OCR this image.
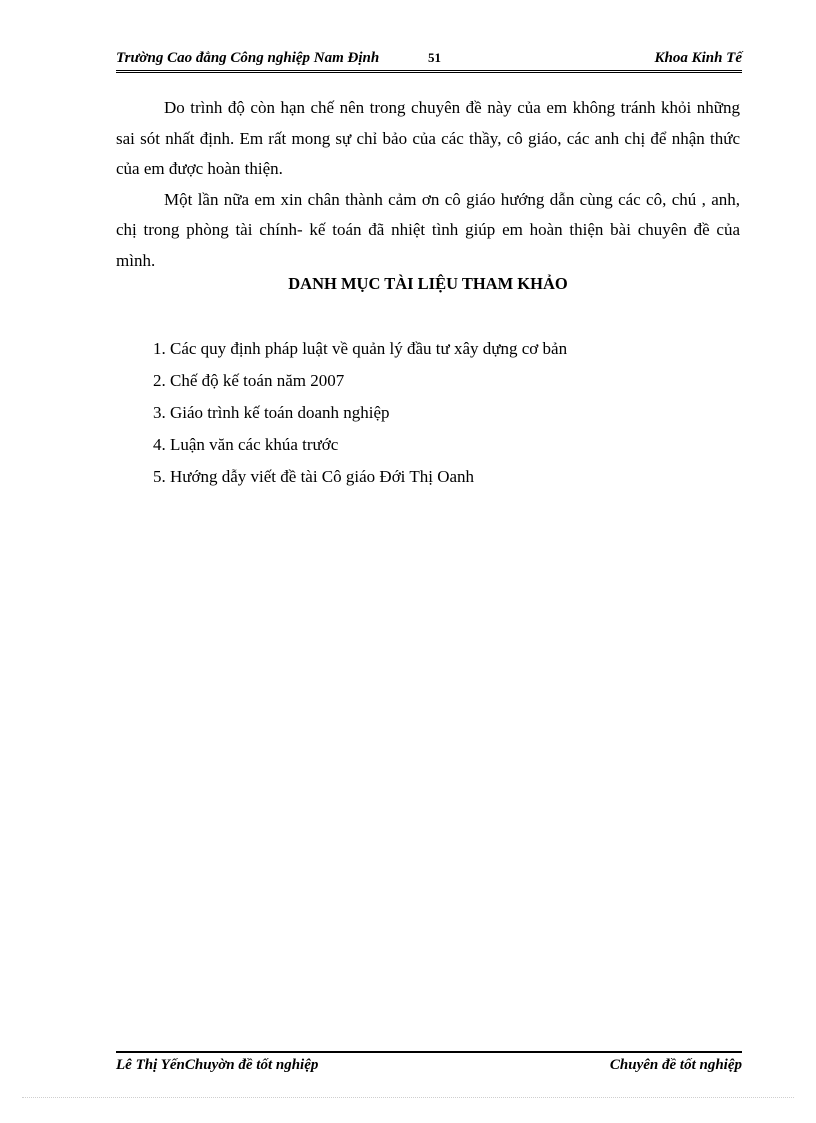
Trường Cao đẳng Công nghiệp Nam Định	51	Khoa Kinh Tế

Do trình độ còn hạn chế nên trong chuyên đề này của em không tránh khỏi những sai sót nhất định. Em rất mong sự chỉ bảo của các thầy, cô giáo, các anh chị để nhận thức của em được hoàn thiện.

Một lần nữa em xin chân thành cảm ơn cô giáo hướng dẫn cùng các cô, chú , anh, chị trong phòng tài chính- kế toán đã nhiệt tình giúp em hoàn thiện bài chuyên đề của mình.

DANH MỤC TÀI LIỆU THAM KHẢO
1. Các quy định pháp luật về quản lý đầu tư xây dựng cơ bản
2. Chế độ kế toán năm 2007
3. Giáo trình kế toán doanh nghiệp
4. Luận văn các khúa trước
5. Hướng dẫy viết đề tài Cô giáo Đới Thị Oanh
Lê Thị YếnChuyờn đề tốt nghiệp	Chuyên đề tốt nghiệp
